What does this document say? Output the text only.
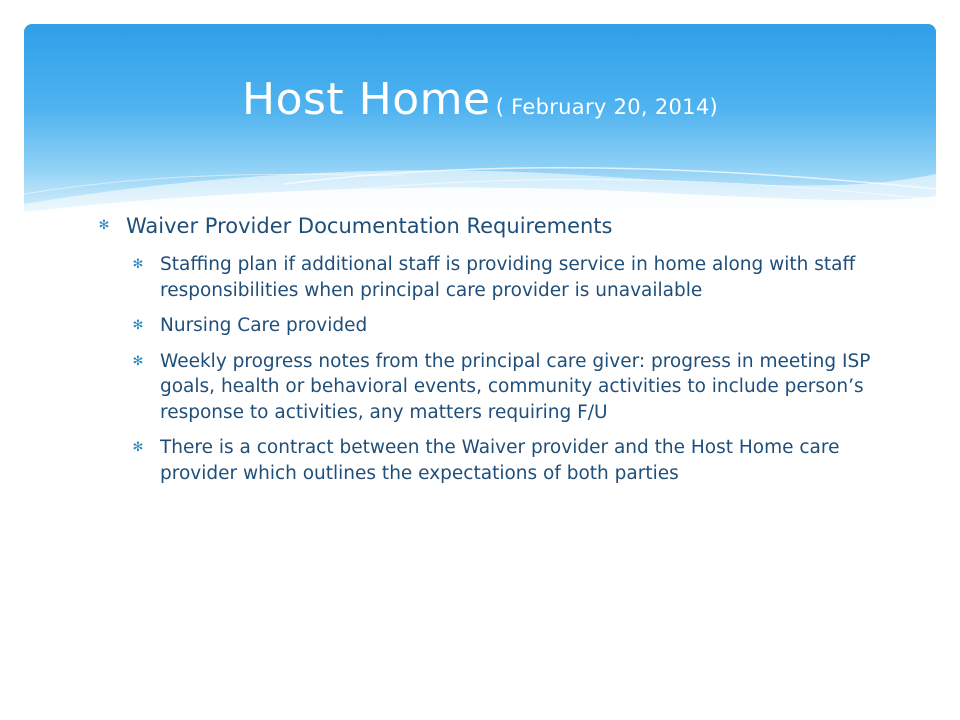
Host Home ( February 20, 2014)
✻ Waiver Provider Documentation Requirements
✻ Staffing plan if additional staff is providing service in home along with staff responsibilities when principal care provider is unavailable
✻ Nursing Care provided
✻ Weekly progress notes from the principal care giver: progress in meeting ISP goals, health or behavioral events, community activities to include person’s response to activities, any matters requiring F/U
✻ There is a contract between the Waiver provider and the Host Home care provider which outlines the expectations of both parties
